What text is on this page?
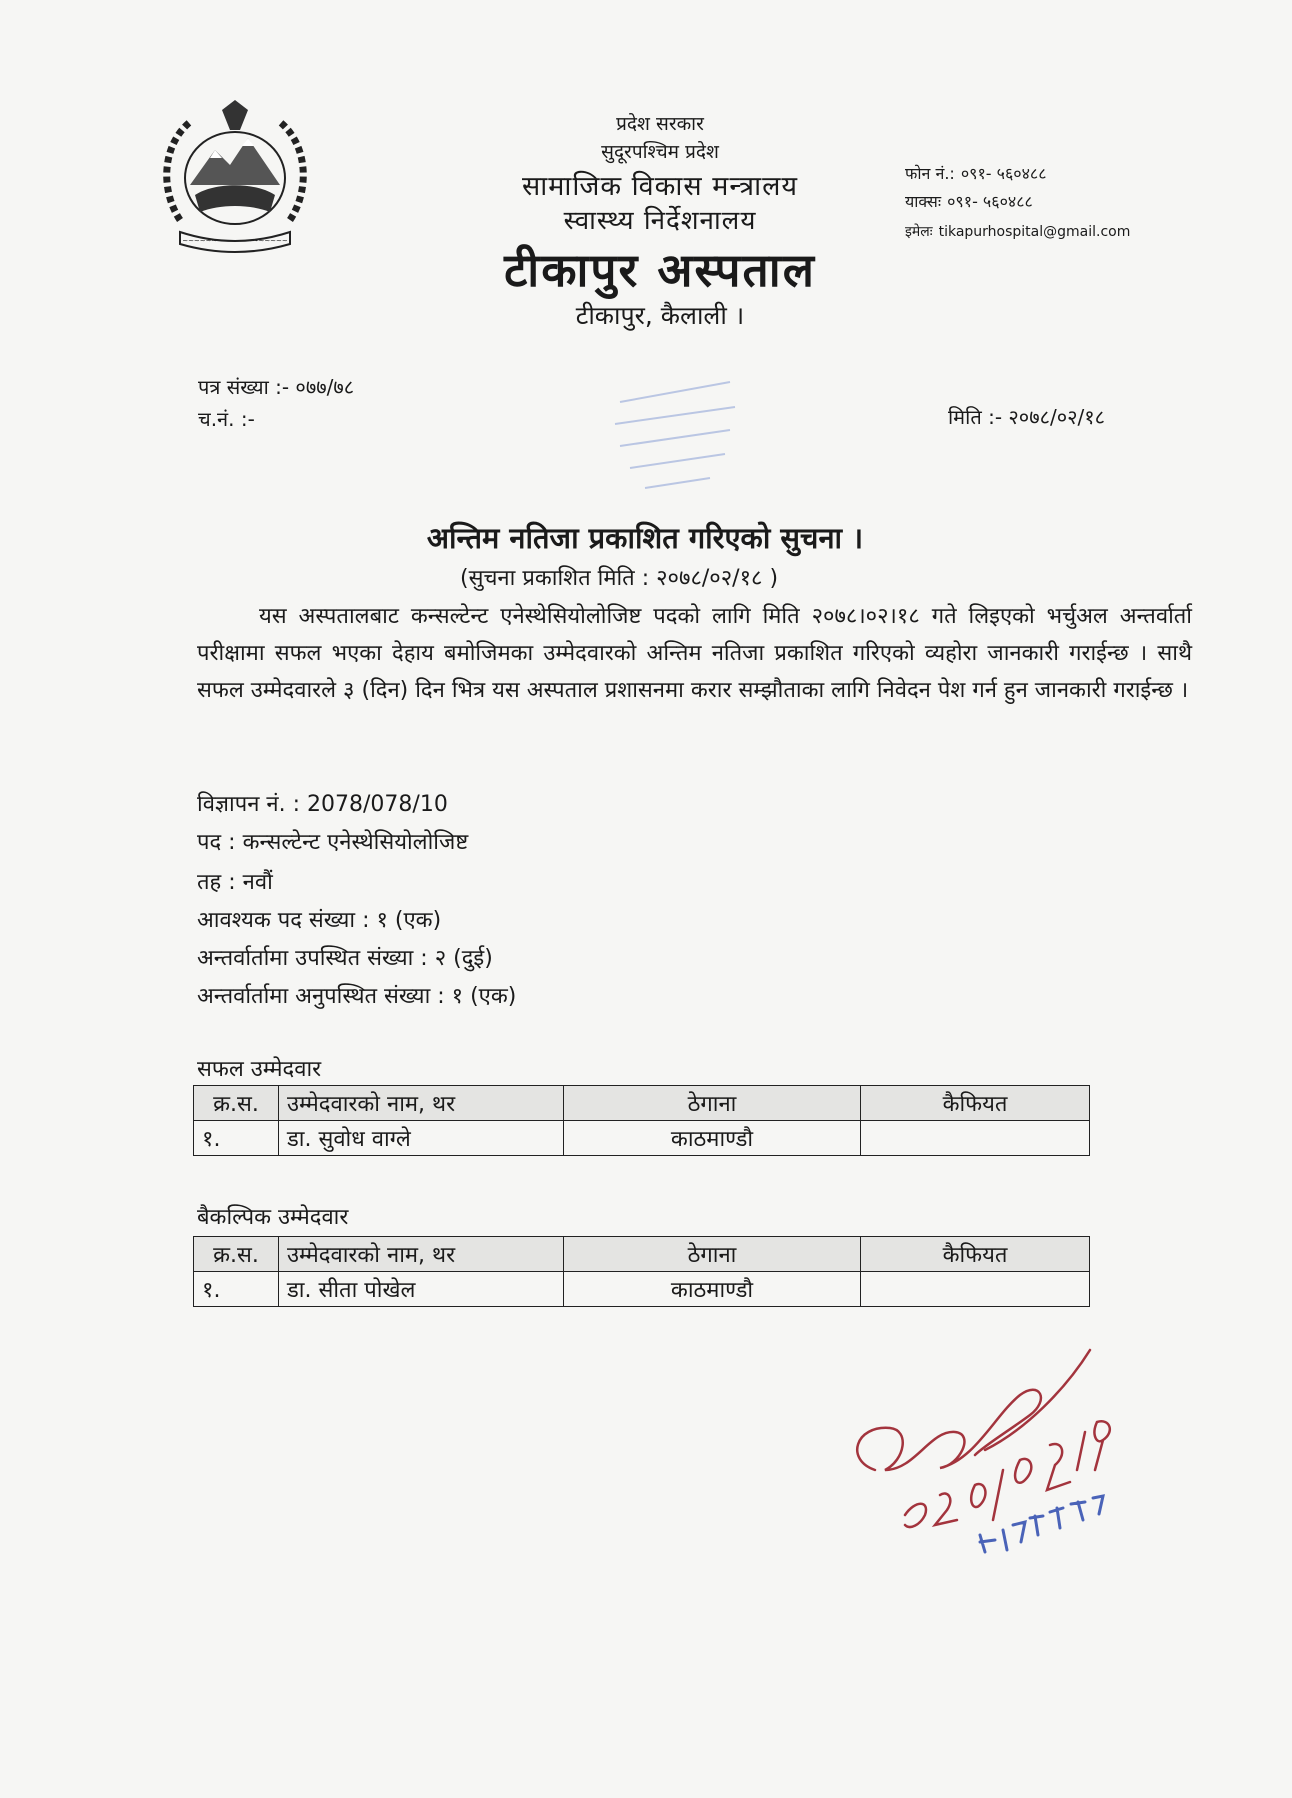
~~~~~~~~~~~~~~~~~~
प्रदेश सरकार
सुदूरपश्चिम प्रदेश
सामाजिक विकास मन्त्रालय
स्वास्थ्य निर्देशनालय
टीकापुर अस्पताल
टीकापुर, कैलाली ।
फोन नं.: ०९१- ५६०४८८
याक्सः ०९१- ५६०४८८
इमेलः tikapurhospital@gmail.com
पत्र संख्या :- ०७७/७८
च.नं. :-	मिति :- २०७८/०२/१८
अन्तिम नतिजा प्रकाशित गरिएको सुचना ।
(सुचना प्रकाशित मिति : २०७८/०२/१८ )
यस अस्पतालबाट कन्सल्टेन्ट एनेस्थेसियोलोजिष्ट पदको लागि मिति २०७८।०२।१८ गते लिइएको भर्चुअल अन्तर्वार्ता परीक्षामा सफल भएका देहाय बमोजिमका उम्मेदवारको अन्तिम नतिजा प्रकाशित गरिएको व्यहोरा जानकारी गराईन्छ । साथै सफल उम्मेदवारले ३ (दिन) दिन भित्र यस अस्पताल प्रशासनमा करार सम्झौताका लागि निवेदन पेश गर्न हुन जानकारी गराईन्छ ।
विज्ञापन नं. : 2078/078/10
पद : कन्सल्टेन्ट एनेस्थेसियोलोजिष्ट
तह : नवौं
आवश्यक पद संख्या : १ (एक)
अन्तर्वार्तामा उपस्थित संख्या : २ (दुई)
अन्तर्वार्तामा अनुपस्थित संख्या : १ (एक)
सफल उम्मेदवार
क्र.स.	उम्मेदवारको नाम, थर	ठेगाना	कैफियत
१.	डा. सुवोध वाग्ले	काठमाण्डौ	
बैकल्पिक उम्मेदवार
क्र.स.	उम्मेदवारको नाम, थर	ठेगाना	कैफियत
१.	डा. सीता पोखेल	काठमाण्डौ	
